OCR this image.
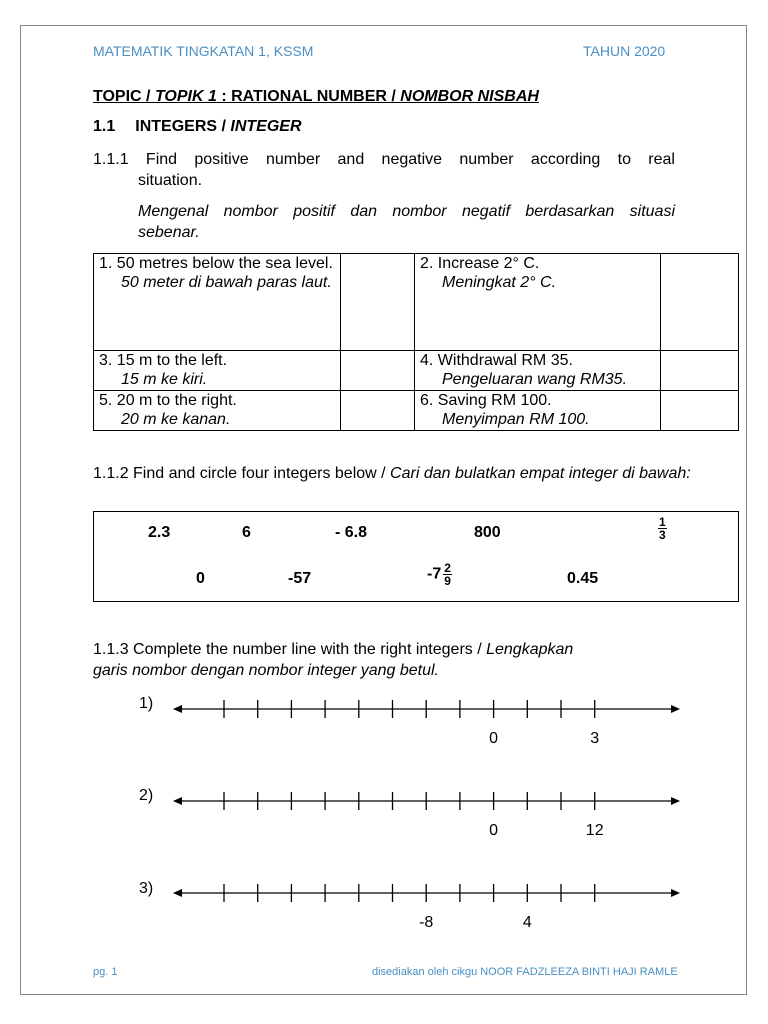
MATEMATIK TINGKATAN 1, KSSM	TAHUN 2020
TOPIC / TOPIK 1 : RATIONAL NUMBER / NOMBOR NISBAH
1.1 INTEGERS / INTEGER
1.1.1 Find positive number and negative number according to real
situation.
Mengenal nombor positif dan nombor negatif berdasarkan situasi
sebenar.
1. 50 metres below the sea level.
50 meter di bawah paras laut.		2. Increase 2° C.
Meningkat 2° C.	
3. 15 m to the left.
15 m ke kiri.		4. Withdrawal RM 35.
Pengeluaran wang RM35.	
5. 20 m to the right.
20 m ke kanan.		6. Saving RM 100.
Menyimpan RM 100.	
1.1.2 Find and circle four integers below / Cari dan bulatkan empat integer di bawah:
2.3	6	- 6.8	800	$\frac{1}{3}$
0	-57	$-7 \frac{2}{9}$	0.45
1.1.3 Complete the number line with the right integers / Lengkapkan
garis nombor dengan nombor integer yang betul.
1)
0	3
2)
0	12
3)
-8	4
pg. 1	disediakan oleh cikgu NOOR FADZLEEZA BINTI HAJI RAMLE
